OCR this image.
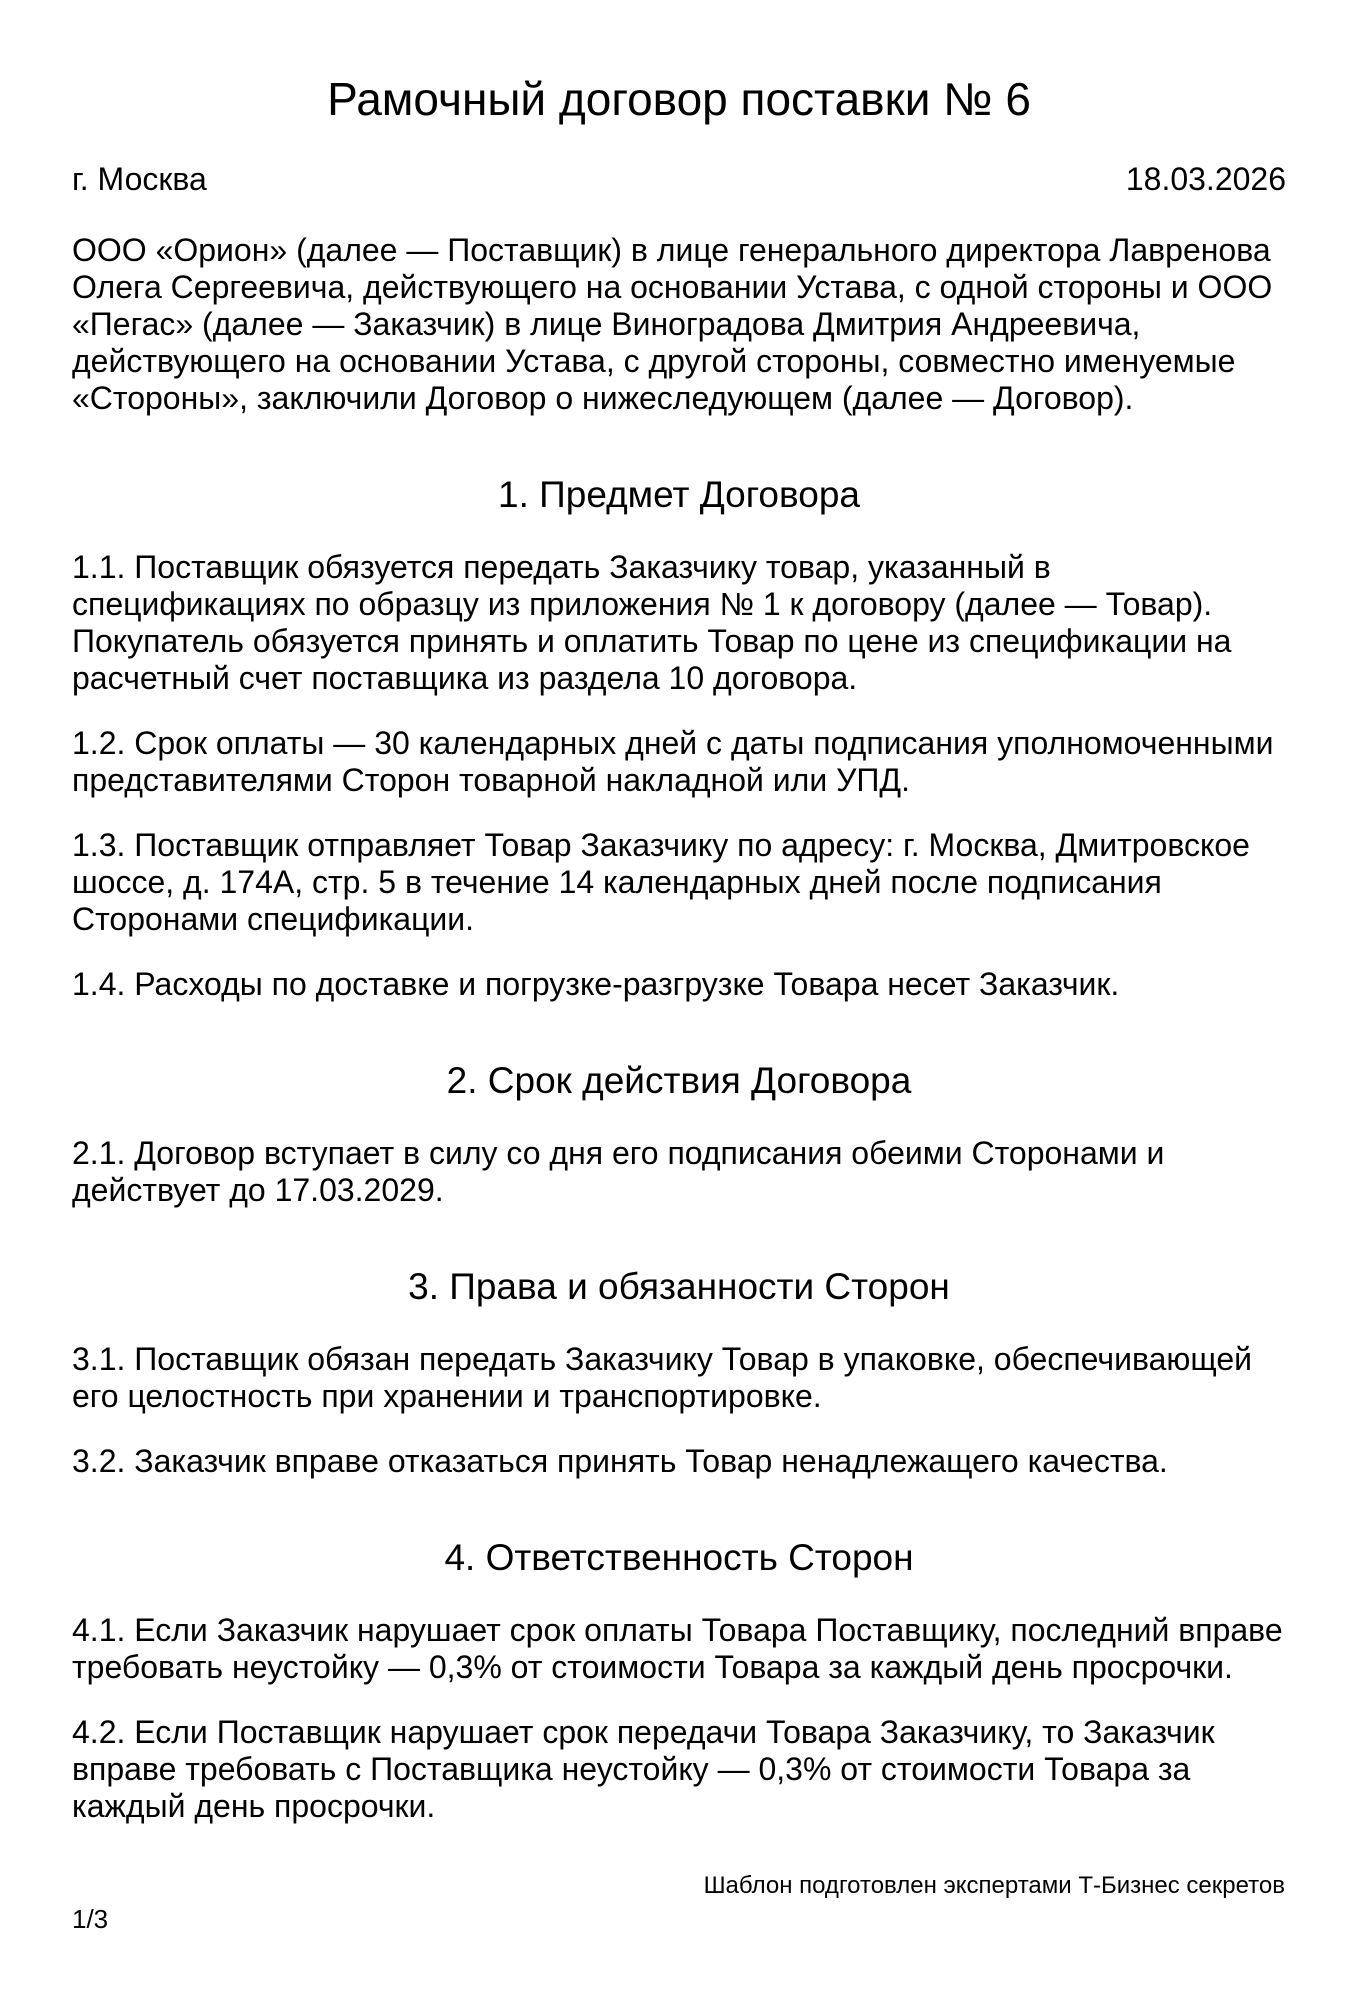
Рамочный договор поставки № 6
г. Москва	18.03.2026

ООО «Орион» (далее — Поставщик) в лице генерального директора Лавренова Олега Сергеевича, действующего на основании Устава, с одной стороны и ООО «Пегас» (далее — Заказчик) в лице Виноградова Дмитрия Андреевича, действующего на основании Устава, с другой стороны, совместно именуемые «Стороны», заключили Договор о нижеследующем (далее — Договор).

1. Предмет Договора

1.1. Поставщик обязуется передать Заказчику товар, указанный в спецификациях по образцу из приложения № 1 к договору (далее — Товар). Покупатель обязуется принять и оплатить Товар по цене из спецификации на расчетный счет поставщика из раздела 10 договора.

1.2. Срок оплаты — 30 календарных дней с даты подписания уполномоченными представителями Сторон товарной накладной или УПД.

1.3. Поставщик отправляет Товар Заказчику по адресу: г. Москва, Дмитровское шоссе, д. 174А, стр. 5 в течение 14 календарных дней после подписания Сторонами спецификации.

1.4. Расходы по доставке и погрузке-разгрузке Товара несет Заказчик.

2. Срок действия Договора

2.1. Договор вступает в силу со дня его подписания обеими Сторонами и действует до 17.03.2029.

3. Права и обязанности Сторон

3.1. Поставщик обязан передать Заказчику Товар в упаковке, обеспечивающей его целостность при хранении и транспортировке.

3.2. Заказчик вправе отказаться принять Товар ненадлежащего качества.

4. Ответственность Сторон

4.1. Если Заказчик нарушает срок оплаты Товара Поставщику, последний вправе требовать неустойку — 0,3% от стоимости Товара за каждый день просрочки.

4.2. Если Поставщик нарушает срок передачи Товара Заказчику, то Заказчик вправе требовать с Поставщика неустойку — 0,3% от стоимости Товара за каждый день просрочки.

Шаблон подготовлен экспертами Т-Бизнес секретов
1/3
